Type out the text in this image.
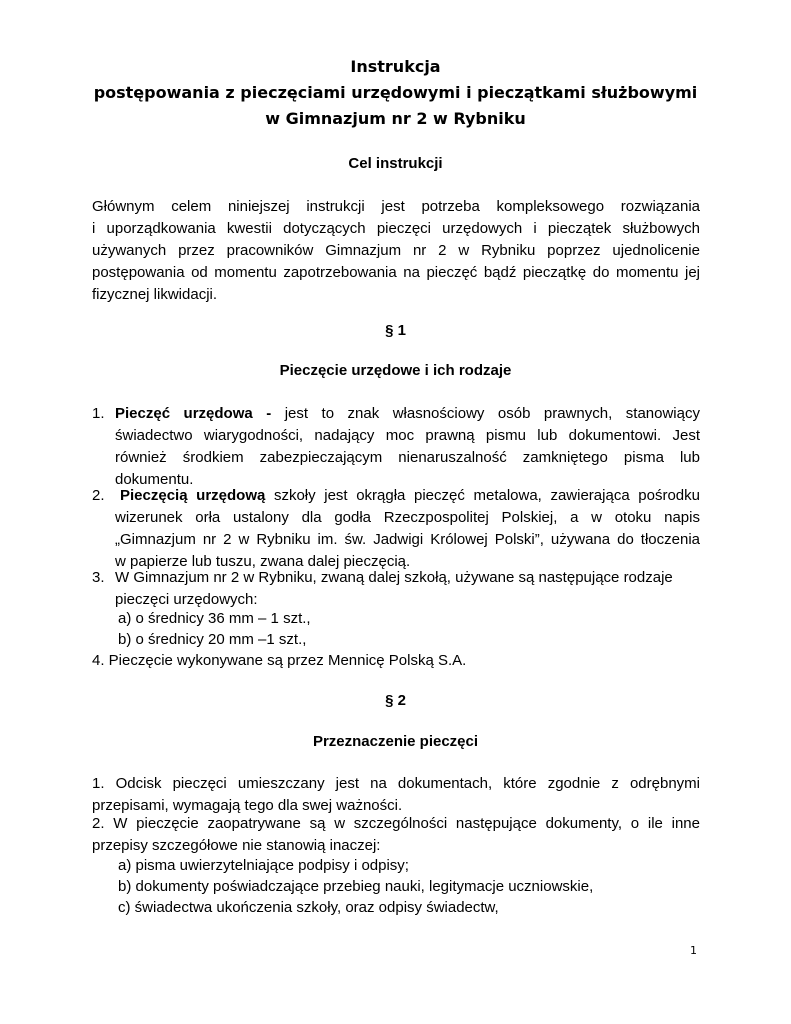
Instrukcja
postępowania z pieczęciami urzędowymi i pieczątkami służbowymi
w Gimnazjum nr 2 w Rybniku
Cel instrukcji
Głównym celem niniejszej instrukcji jest potrzeba kompleksowego rozwiązania
i uporządkowania kwestii dotyczących pieczęci urzędowych i pieczątek służbowych
używanych przez pracowników Gimnazjum nr 2 w Rybniku poprzez ujednolicenie
postępowania od momentu zapotrzebowania na pieczęć bądź pieczątkę do momentu jej
fizycznej likwidacji.
§ 1
Pieczęcie urzędowe i ich rodzaje
1. Pieczęć urzędowa - jest to znak własnościowy osób prawnych, stanowiący
świadectwo wiarygodności, nadający moc prawną pismu lub dokumentowi. Jest
również środkiem zabezpieczającym nienaruszalność zamkniętego pisma lub
dokumentu.
2.	Pieczęcią urzędową szkoły jest okrągła pieczęć metalowa, zawierająca pośrodku
wizerunek orła ustalony dla godła Rzeczpospolitej Polskiej, a w otoku napis
„Gimnazjum nr 2 w Rybniku im. św. Jadwigi Królowej Polski”, używana do tłoczenia
w papierze lub tuszu, zwana dalej pieczęcią.
3. W Gimnazjum nr 2 w Rybniku, zwaną dalej szkołą, używane są następujące rodzaje
pieczęci urzędowych:
a) o średnicy 36 mm – 1 szt.,
b) o średnicy 20 mm –1 szt.,
4. Pieczęcie wykonywane są przez Mennicę Polską S.A.
§ 2
Przeznaczenie pieczęci
1. Odcisk pieczęci umieszczany jest na dokumentach, które zgodnie z odrębnymi
przepisami, wymagają tego dla swej ważności.
2. W pieczęcie zaopatrywane są w szczególności następujące dokumenty, o ile inne
przepisy szczegółowe nie stanowią inaczej:
a) pisma uwierzytelniające podpisy i odpisy;
b) dokumenty poświadczające przebieg nauki, legitymacje uczniowskie,
c) świadectwa ukończenia szkoły, oraz odpisy świadectw,
1
